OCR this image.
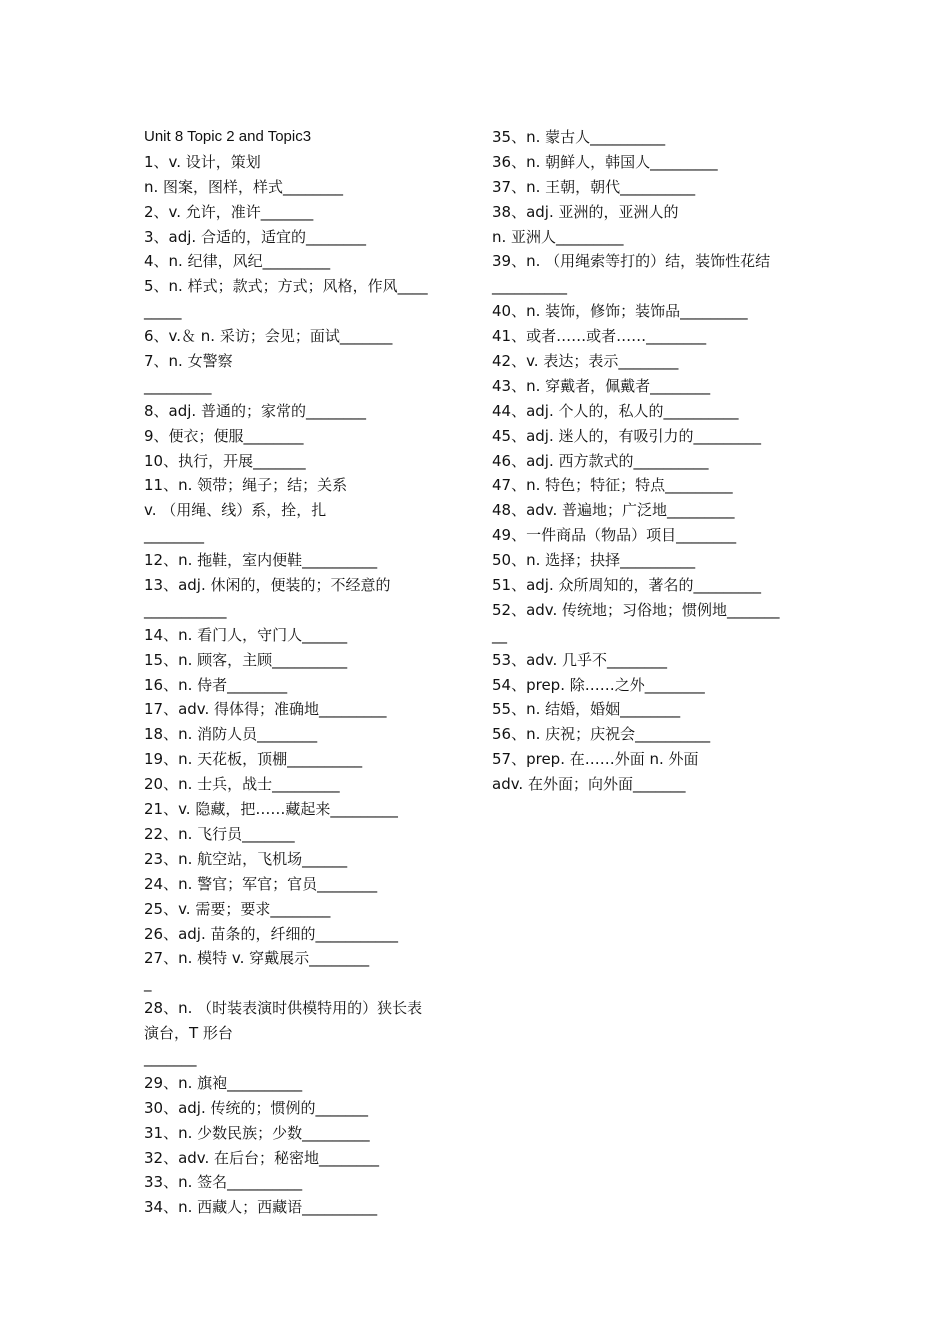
Unit 8 Topic 2 and Topic3
1、v. 设计，策划
n. 图案，图样，样式________
2、v. 允许，准许_______
3、adj. 合适的，适宜的________
4、n. 纪律，风纪_________
5、n. 样式；款式；方式；风格，作风____
_____
6、v.＆ n. 采访；会见；面试_______
7、n. 女警察
_________
8、adj. 普通的；家常的________
9、便衣；便服________
10、执行，开展_______
11、n. 领带；绳子；结；关系
v. （用绳、线）系，拴，扎
________
12、n. 拖鞋，室内便鞋__________
13、adj. 休闲的，便装的；不经意的
___________
14、n. 看门人，守门人______
15、n. 顾客，主顾__________
16、n. 侍者________
17、adv. 得体得；准确地_________
18、n. 消防人员________
19、n. 天花板，顶棚__________
20、n. 士兵，战士_________
21、v. 隐藏，把……藏起来_________
22、n. 飞行员_______
23、n. 航空站，飞机场______
24、n. 警官；军官；官员________
25、v. 需要；要求________
26、adj. 苗条的，纤细的___________
27、n. 模特 v. 穿戴展示________
_
28、n. （时装表演时供模特用的）狭长表
演台，T 形台
_______
29、n. 旗袍__________
30、adj. 传统的；惯例的_______
31、n. 少数民族；少数_________
32、adv. 在后台；秘密地________
33、n. 签名__________
34、n. 西藏人；西藏语__________
35、n. 蒙古人__________
36、n. 朝鲜人，韩国人_________
37、n. 王朝，朝代__________
38、adj. 亚洲的，亚洲人的
n. 亚洲人_________
39、n. （用绳索等打的）结，装饰性花结
__________
40、n. 装饰，修饰；装饰品_________
41、或者……或者……________
42、v. 表达；表示________
43、n. 穿戴者，佩戴者________
44、adj. 个人的，私人的__________
45、adj. 迷人的，有吸引力的_________
46、adj. 西方款式的__________
47、n. 特色；特征；特点_________
48、adv. 普遍地；广泛地_________
49、一件商品（物品）项目________
50、n. 选择；抉择__________
51、adj. 众所周知的，著名的_________
52、adv. 传统地；习俗地；惯例地_______
__
53、adv. 几乎不________
54、prep. 除……之外________
55、n. 结婚，婚姻________
56、n. 庆祝；庆祝会__________
57、prep. 在……外面 n. 外面
adv. 在外面；向外面_______
